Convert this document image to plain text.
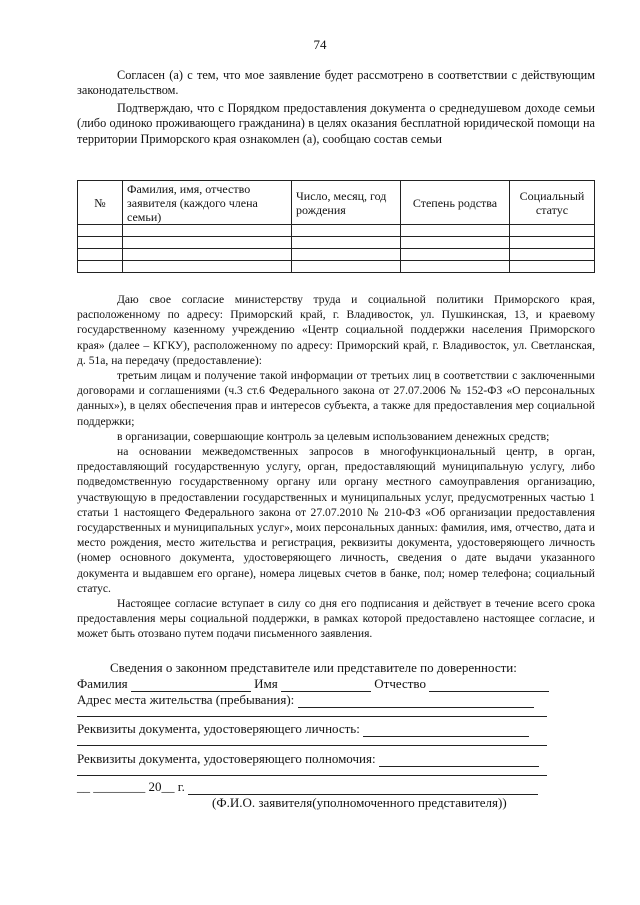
74

Согласен (а) с тем, что мое заявление будет рассмотрено в соответствии с действующим законодательством.

Подтверждаю, что с Порядком предоставления документа о среднедушевом доходе семьи (либо одиноко проживающего гражданина) в целях оказания бесплатной юридической помощи на территории Приморского края ознакомлен (а), сообщаю состав семьи

№	Фамилия, имя, отчество заявителя (каждого члена семьи)	Число, месяц, год рождения	Степень родства	Социальный статус

Даю свое согласие министерству труда и социальной политики Приморского края, расположенному по адресу: Приморский край, г. Владивосток, ул. Пушкинская, 13, и краевому государственному казенному учреждению «Центр социальной поддержки населения Приморского края» (далее – КГКУ), расположенному по адресу: Приморский край, г. Владивосток, ул. Светланская, д. 51а, на передачу (предоставление):

третьим лицам и получение такой информации от третьих лиц в соответствии с заключенными договорами и соглашениями (ч.3 ст.6 Федерального закона от 27.07.2006 № 152-ФЗ «О персональных данных»), в целях обеспечения прав и интересов субъекта, а также для предоставления мер социальной поддержки;

в организации, совершающие контроль за целевым использованием денежных средств;

на основании межведомственных запросов в многофункциональный центр, в орган, предоставляющий государственную услугу, орган, предоставляющий муниципальную услугу, либо подведомственную государственному органу или органу местного самоуправления организацию, участвующую в предоставлении государственных и муниципальных услуг, предусмотренных частью 1 статьи 1 настоящего Федерального закона от 27.07.2010 № 210-ФЗ «Об организации предоставления государственных и муниципальных услуг», моих персональных данных: фамилия, имя, отчество, дата и место рождения, место жительства и регистрация, реквизиты документа, удостоверяющего личность (номер основного документа, удостоверяющего личность, сведения о дате выдачи указанного документа и выдавшем его органе), номера лицевых счетов в банке, пол; номер телефона; социальный статус.

Настоящее согласие вступает в силу со дня его подписания и действует в течение всего срока предоставления меры социальной поддержки, в рамках которой предоставлено настоящее согласие, и может быть отозвано путем подачи письменного заявления.

Сведения о законном представителе или представителе по доверенности:
Фамилия	Имя	Отчество
Адрес места жительства (пребывания):
Реквизиты документа, удостоверяющего личность:
Реквизиты документа, удостоверяющего полномочия:
__ ________ 20__ г.
(Ф.И.О. заявителя(уполномоченного представителя))
